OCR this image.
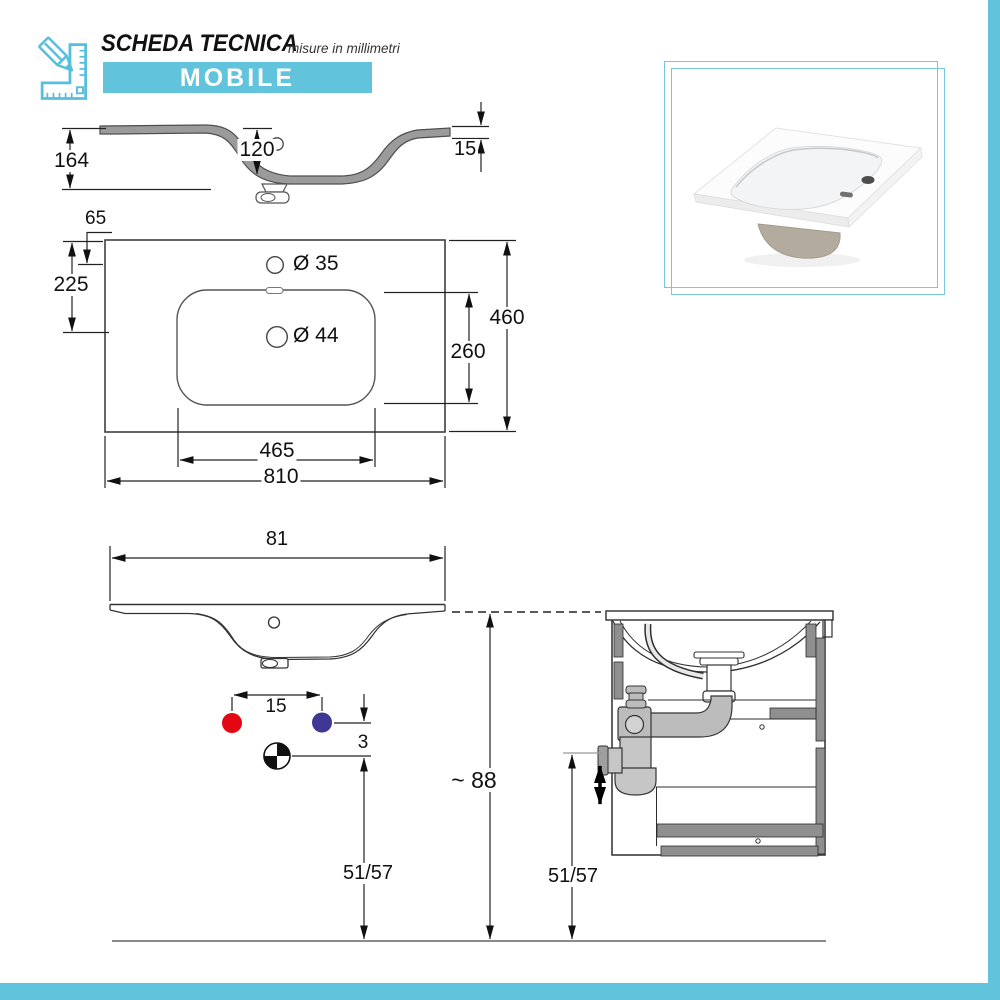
SCHEDA TECNICA
misure in millimetri
MOBILE
164	120	15
65
225
Ø 35
Ø 44
460
260
465
810
81
15
3
~ 88
51/57	51/57
